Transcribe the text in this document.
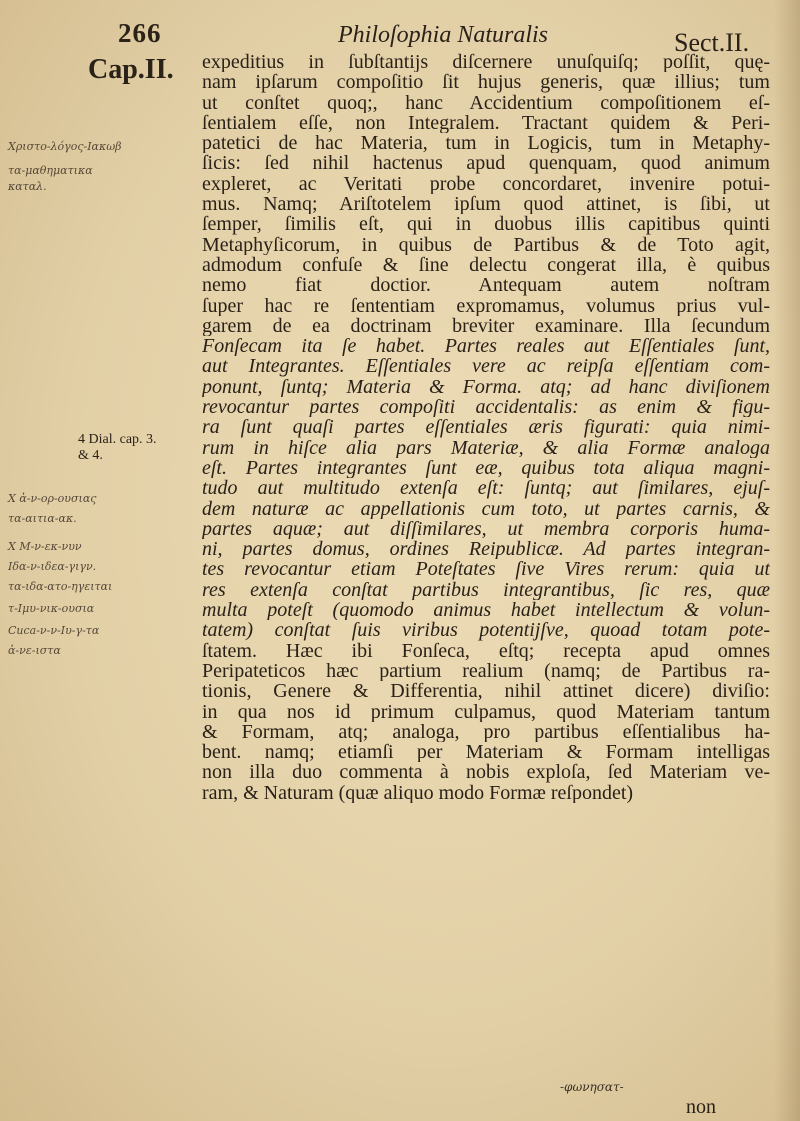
266	Philoſophia Naturalis	Sect.II.
Cap.II.
4 Dial. cap. 3. & 4.
Χριστο-λόγος-Ιακωβ
τα-μαθηματικα
καταλ.
Χ ἀ-ν-ορ-ουσιας
τα-αιτια-ακ.
Χ Μ-ν-εκ-νυν
Ιδα-ν-ιδεα-γιγν.
τα-ιδα-ατο-ηγειται
τ-Ιμυ-νικ-ουσια
Cuca-ν-ν-Ιυ-γ-τα
ἀ-νε-ιστα
expeditius in ſubſtantijs diſcernere unuſquiſq; poſſit, quę-
nam ipſarum compoſitio ſit hujus generis, quæ illius; tum
ut conſtet quoq;, hanc Accidentium compoſitionem eſ-
ſentialem eſſe, non Integralem. Tractant quidem & Peri-
patetici de hac Materia, tum in Logicis, tum in Metaphy-
ſicis: ſed nihil hactenus apud quenquam, quod animum
expleret, ac Veritati probe concordaret, invenire potui-
mus. Namq; Ariſtotelem ipſum quod attinet, is ſibi, ut
ſemper, ſimilis eſt, qui in duobus illis capitibus quinti
Metaphyſicorum, in quibus de Partibus & de Toto agit,
admodum confuſe & ſine delectu congerat illa, è quibus
nemo fiat doctior. Antequam autem noſtram
ſuper hac re ſententiam expromamus, volumus prius vul-
garem de ea doctrinam breviter examinare. Illa ſecundum
Fonſecam ita ſe habet. Partes reales aut Eſſentiales ſunt,
aut Integrantes. Eſſentiales vere ac reipſa eſſentiam com-
ponunt, ſuntq; Materia & Forma. atq; ad hanc diviſionem
revocantur partes compoſiti accidentalis: as enim & figu-
ra ſunt quaſi partes eſſentiales æris figurati: quia nimi-
rum in hiſce alia pars Materiæ, & alia Formæ analoga
eſt. Partes integrantes ſunt eæ, quibus tota aliqua magni-
tudo aut multitudo extenſa eſt: ſuntq; aut ſimilares, ejuſ-
dem naturæ ac appellationis cum toto, ut partes carnis, &
partes aquæ; aut diſſimilares, ut membra corporis huma-
ni, partes domus, ordines Reipublicæ. Ad partes integran-
tes revocantur etiam Poteſtates ſive Vires rerum: quia ut
res extenſa conſtat partibus integrantibus, ſic res, quæ
multa poteſt (quomodo animus habet intellectum & volun-
tatem) conſtat ſuis viribus potentijſve, quoad totam pote-
ſtatem. Hæc ibi Fonſeca, eſtq; recepta apud omnes
Peripateticos hæc partium realium (namq; de Partibus ra-
tionis, Genere & Differentia, nihil attinet dicere) diviſio:
in qua nos id primum culpamus, quod Materiam tantum
& Formam, atq; analoga, pro partibus eſſentialibus ha-
bent. namq; etiamſi per Materiam & Formam intelligas
non illa duo commenta à nobis exploſa, ſed Materiam ve-
ram, & Naturam (quæ aliquo modo Formæ reſpondet)
-φωνησατ-
non
